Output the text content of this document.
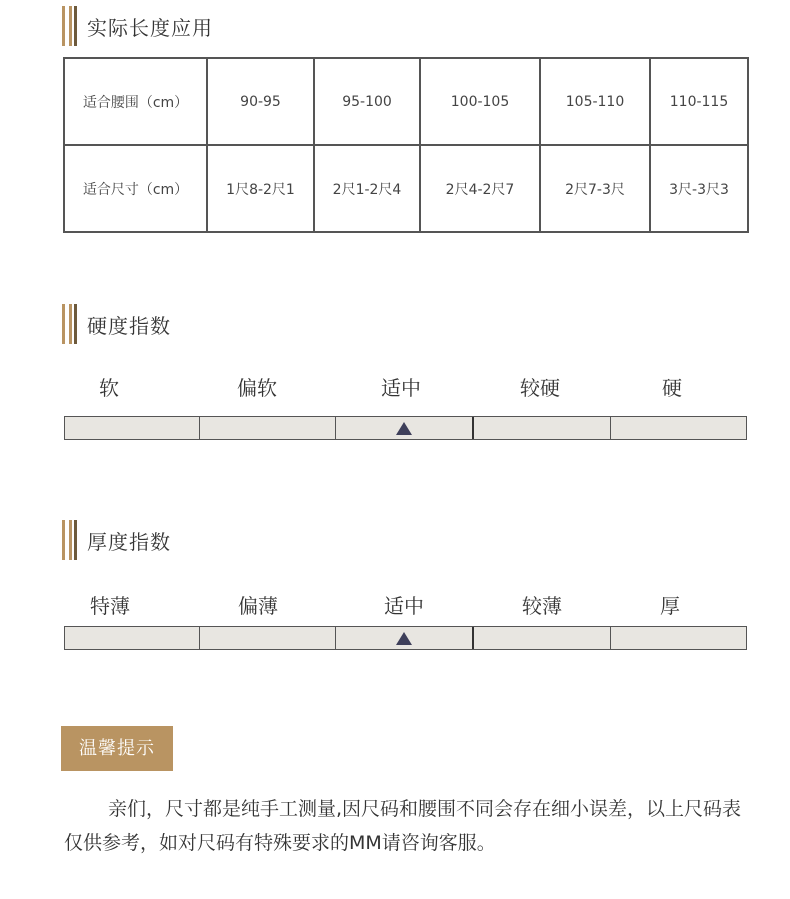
实际长度应用
适合腰围（cm）	90-95	95-100	100-105	105-110	110-115
适合尺寸（cm）	1尺8-2尺1	2尺1-2尺4	2尺4-2尺7	2尺7-3尺	3尺-3尺3
硬度指数
软	偏软	适中	较硬	硬
厚度指数
特薄	偏薄	适中	较薄	厚
温馨提示
亲们，尺寸都是纯手工测量,因尺码和腰围不同会存在细小误差，以上尺码表仅供参考，如对尺码有特殊要求的MM请咨询客服。
